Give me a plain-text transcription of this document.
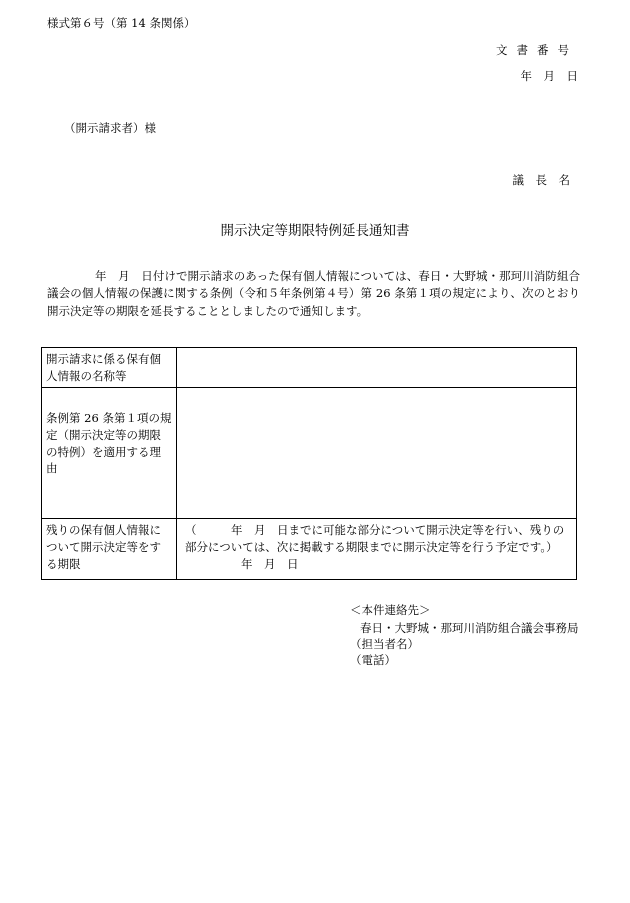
様式第６号（第 14 条関係）
文書番号
年　月　日
（開示請求者）様
議　長　名
開示決定等期限特例延長通知書
年　月　日付けで開示請求のあった保有個人情報については、春日・大野城・那珂川消防組合議会の個人情報の保護に関する条例（令和５年条例第４号）第 26 条第１項の規定により、次のとおり開示決定等の期限を延長することとしましたので通知します。
開示請求に係る保有個人情報の名称等	
条例第 26 条第１項の規定（開示決定等の期限の特例）を適用する理由	
残りの保有個人情報について開示決定等をする期限	（　　　年　月　日までに可能な部分について開示決定等を行い、残りの部分については、次に掲載する期限までに開示決定等を行う予定です。）
年　月　日
＜本件連絡先＞
春日・大野城・那珂川消防組合議会事務局
（担当者名）
（電話）
